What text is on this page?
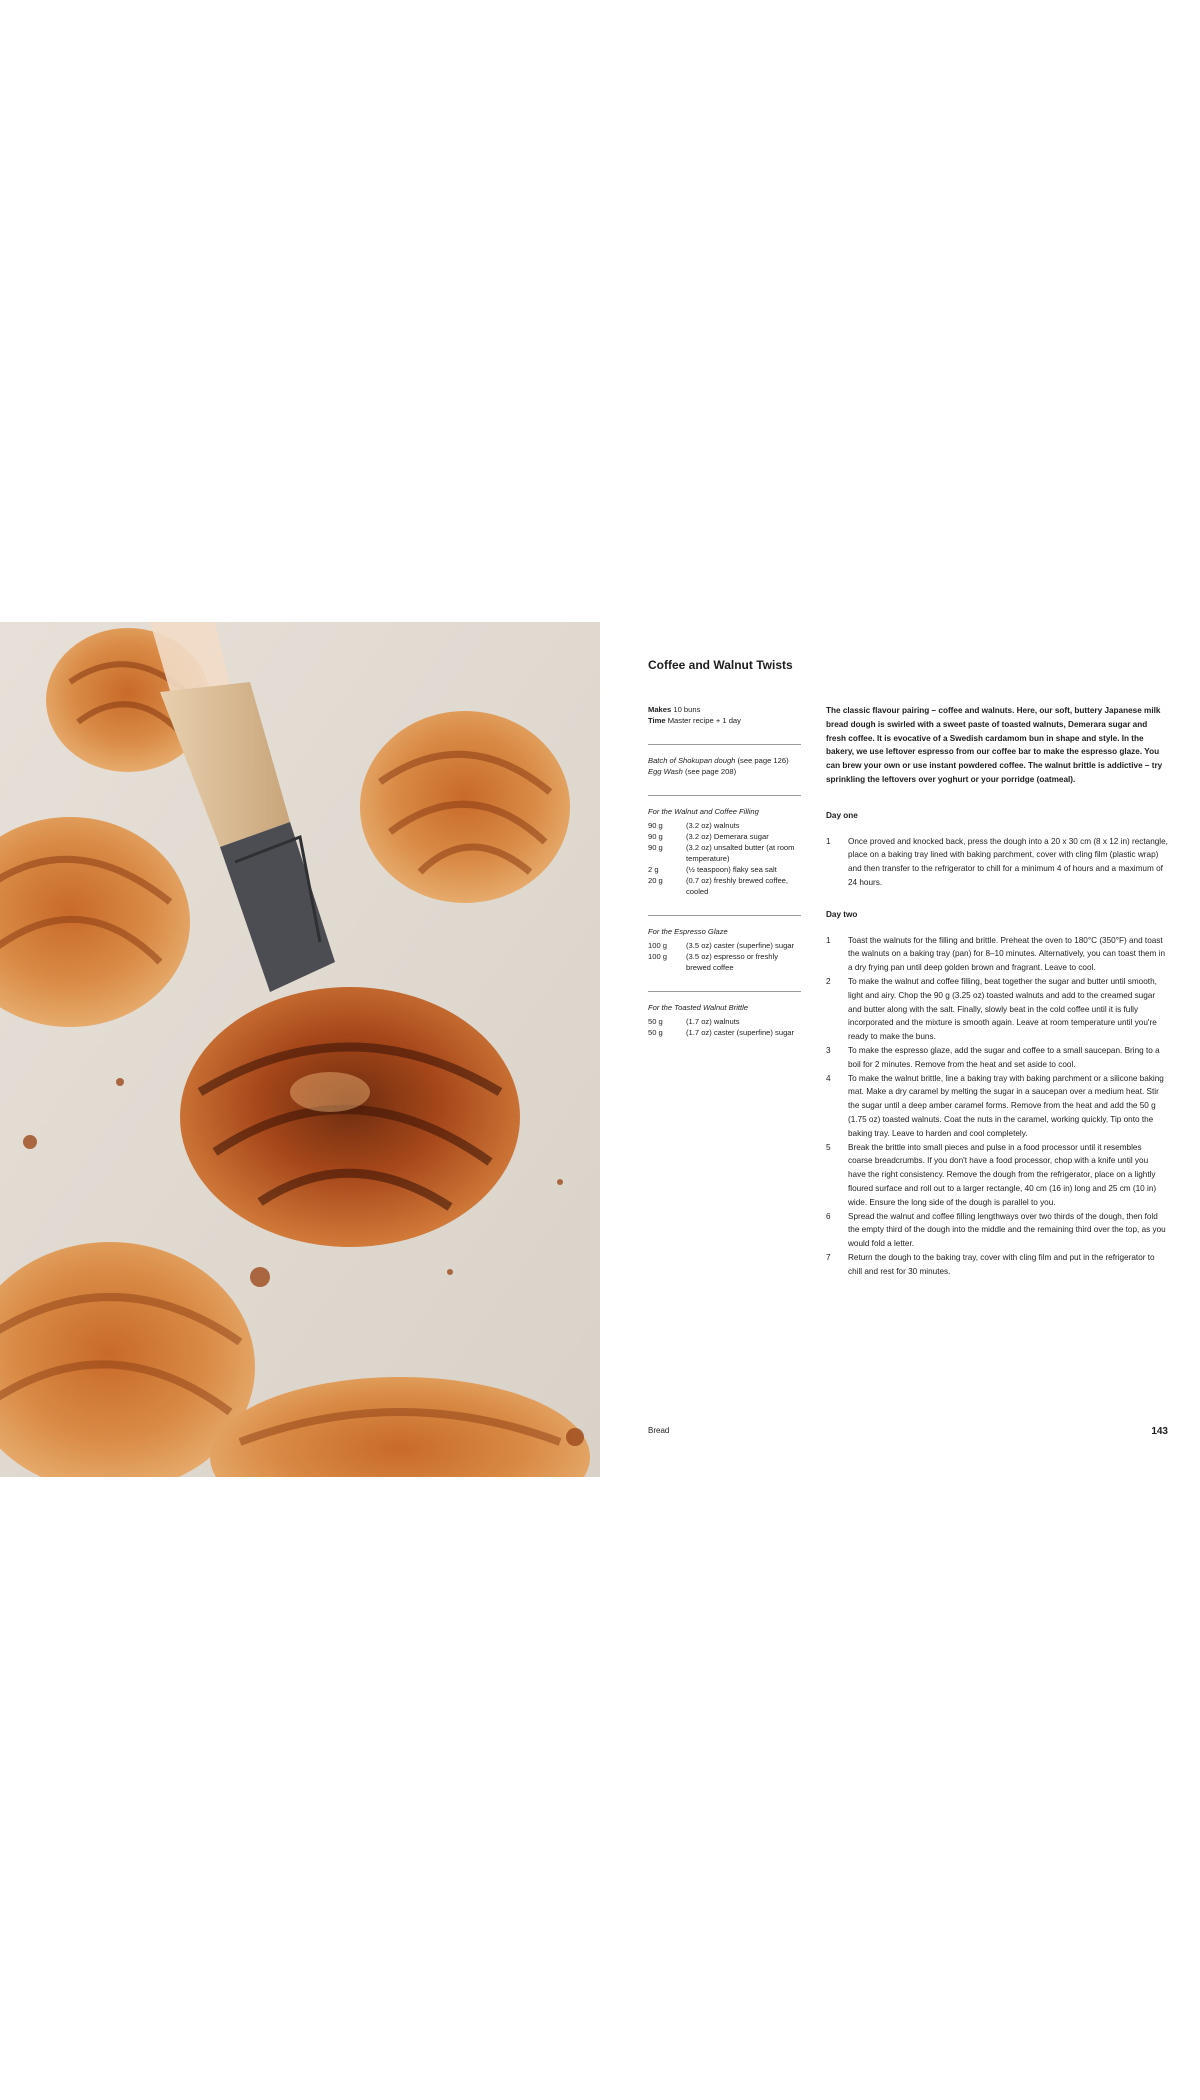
Coffee and Walnut Twists

Makes 10 buns

Time Master recipe + 1 day

Batch of Shokupan dough (see page 126)

Egg Wash (see page 208)

For the Walnut and Coffee Filling

90 g	(3.2 oz) walnuts
90 g	(3.2 oz) Demerara sugar
90 g	(3.2 oz) unsalted butter (at room temperature)
2 g	(½ teaspoon) flaky sea salt
20 g	(0.7 oz) freshly brewed coffee, cooled

For the Espresso Glaze

100 g	(3.5 oz) caster (superfine) sugar
100 g	(3.5 oz) espresso or freshly brewed coffee

For the Toasted Walnut Brittle

50 g	(1.7 oz) walnuts
50 g	(1.7 oz) caster (superfine) sugar

The classic flavour pairing – coffee and walnuts. Here, our soft, buttery Japanese milk bread dough is swirled with a sweet paste of toasted walnuts, Demerara sugar and fresh coffee. It is evocative of a Swedish cardamom bun in shape and style. In the bakery, we use leftover espresso from our coffee bar to make the espresso glaze. You can brew your own or use instant powdered coffee. The walnut brittle is addictive – try sprinkling the leftovers over yoghurt or your porridge (oatmeal).

Day one

1	Once proved and knocked back, press the dough into a 20 x 30 cm (8 x 12 in) rectangle, place on a baking tray lined with baking parchment, cover with cling film (plastic wrap) and then transfer to the refrigerator to chill for a minimum 4 of hours and a maximum of 24 hours.

Day two

1	Toast the walnuts for the filling and brittle. Preheat the oven to 180°C (350°F) and toast the walnuts on a baking tray (pan) for 8–10 minutes. Alternatively, you can toast them in a dry frying pan until deep golden brown and fragrant. Leave to cool.
2	To make the walnut and coffee filling, beat together the sugar and butter until smooth, light and airy. Chop the 90 g (3.25 oz) toasted walnuts and add to the creamed sugar and butter along with the salt. Finally, slowly beat in the cold coffee until it is fully incorporated and the mixture is smooth again. Leave at room temperature until you're ready to make the buns.
3	To make the espresso glaze, add the sugar and coffee to a small saucepan. Bring to a boil for 2 minutes. Remove from the heat and set aside to cool.
4	To make the walnut brittle, line a baking tray with baking parchment or a silicone baking mat. Make a dry caramel by melting the sugar in a saucepan over a medium heat. Stir the sugar until a deep amber caramel forms. Remove from the heat and add the 50 g (1.75 oz) toasted walnuts. Coat the nuts in the caramel, working quickly. Tip onto the baking tray. Leave to harden and cool completely.
5	Break the brittle into small pieces and pulse in a food processor until it resembles coarse breadcrumbs. If you don't have a food processor, chop with a knife until you have the right consistency. Remove the dough from the refrigerator, place on a lightly floured surface and roll out to a larger rectangle, 40 cm (16 in) long and 25 cm (10 in) wide. Ensure the long side of the dough is parallel to you.
6	Spread the walnut and coffee filling lengthways over two thirds of the dough, then fold the empty third of the dough into the middle and the remaining third over the top, as you would fold a letter.
7	Return the dough to the baking tray, cover with cling film and put in the refrigerator to chill and rest for 30 minutes.
Bread	143
